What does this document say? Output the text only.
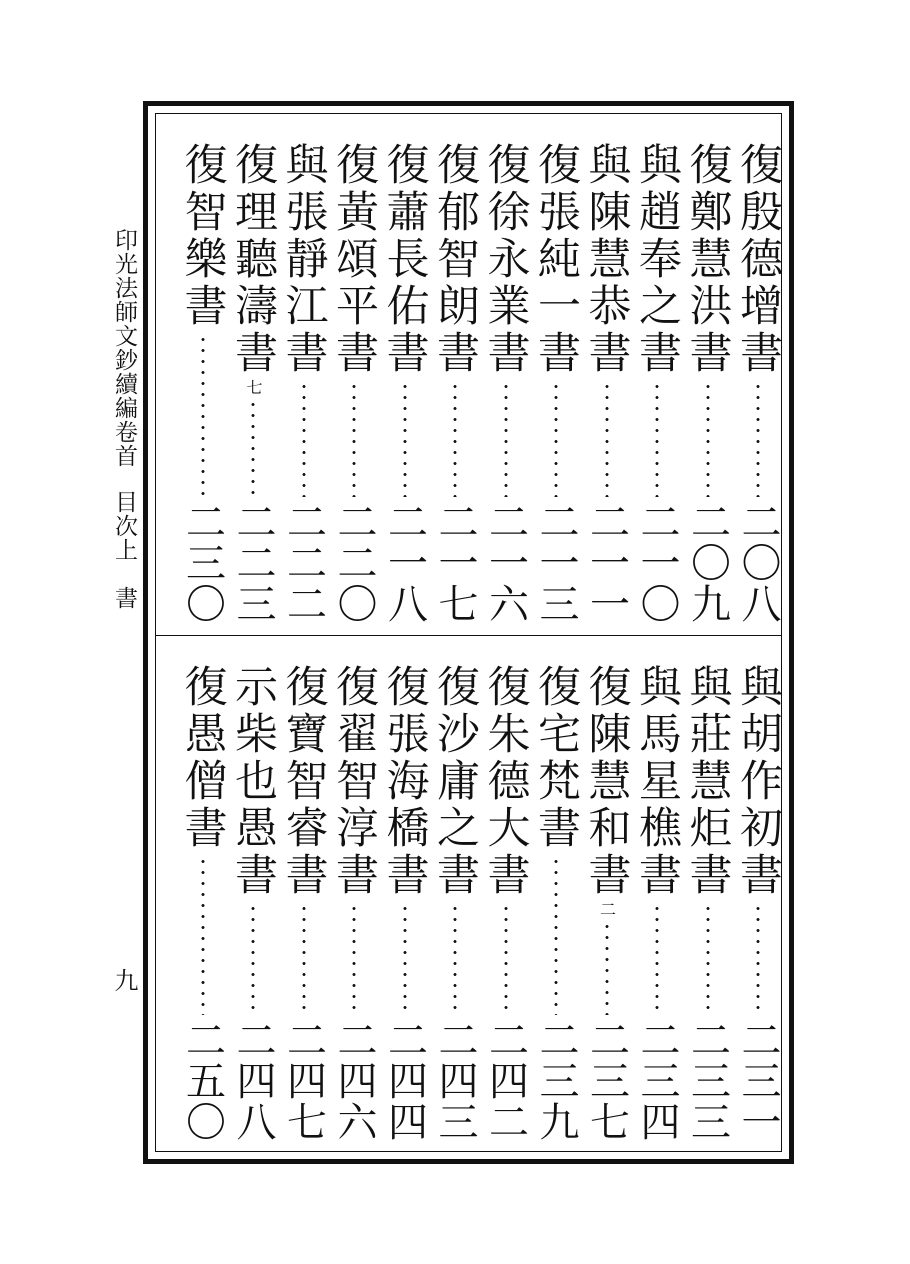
印光法師文鈔續編卷首
目次上
書
九
復殷德增書
二〇八
復鄭慧洪書
二〇九
與趙奉之書
二一〇
與陳慧恭書
二一一
復張純一書
二一三
復徐永業書
二一六
復郁智朗書
二一七
復蕭長佑書
二一八
復黃頌平書
二二〇
與張靜江書
二二二
復理聽濤書
七
二二三
復智樂書
二三〇
與胡作初書
二三一
與莊慧炬書
二三三
與馬星樵書
二三四
復陳慧和書
二
二三七
復宅梵書
二三九
復朱德大書
二四二
復沙庸之書
二四三
復張海橋書
二四四
復翟智淳書
二四六
復寶智睿書
二四七
示柴也愚書
二四八
復愚僧書
二五〇
